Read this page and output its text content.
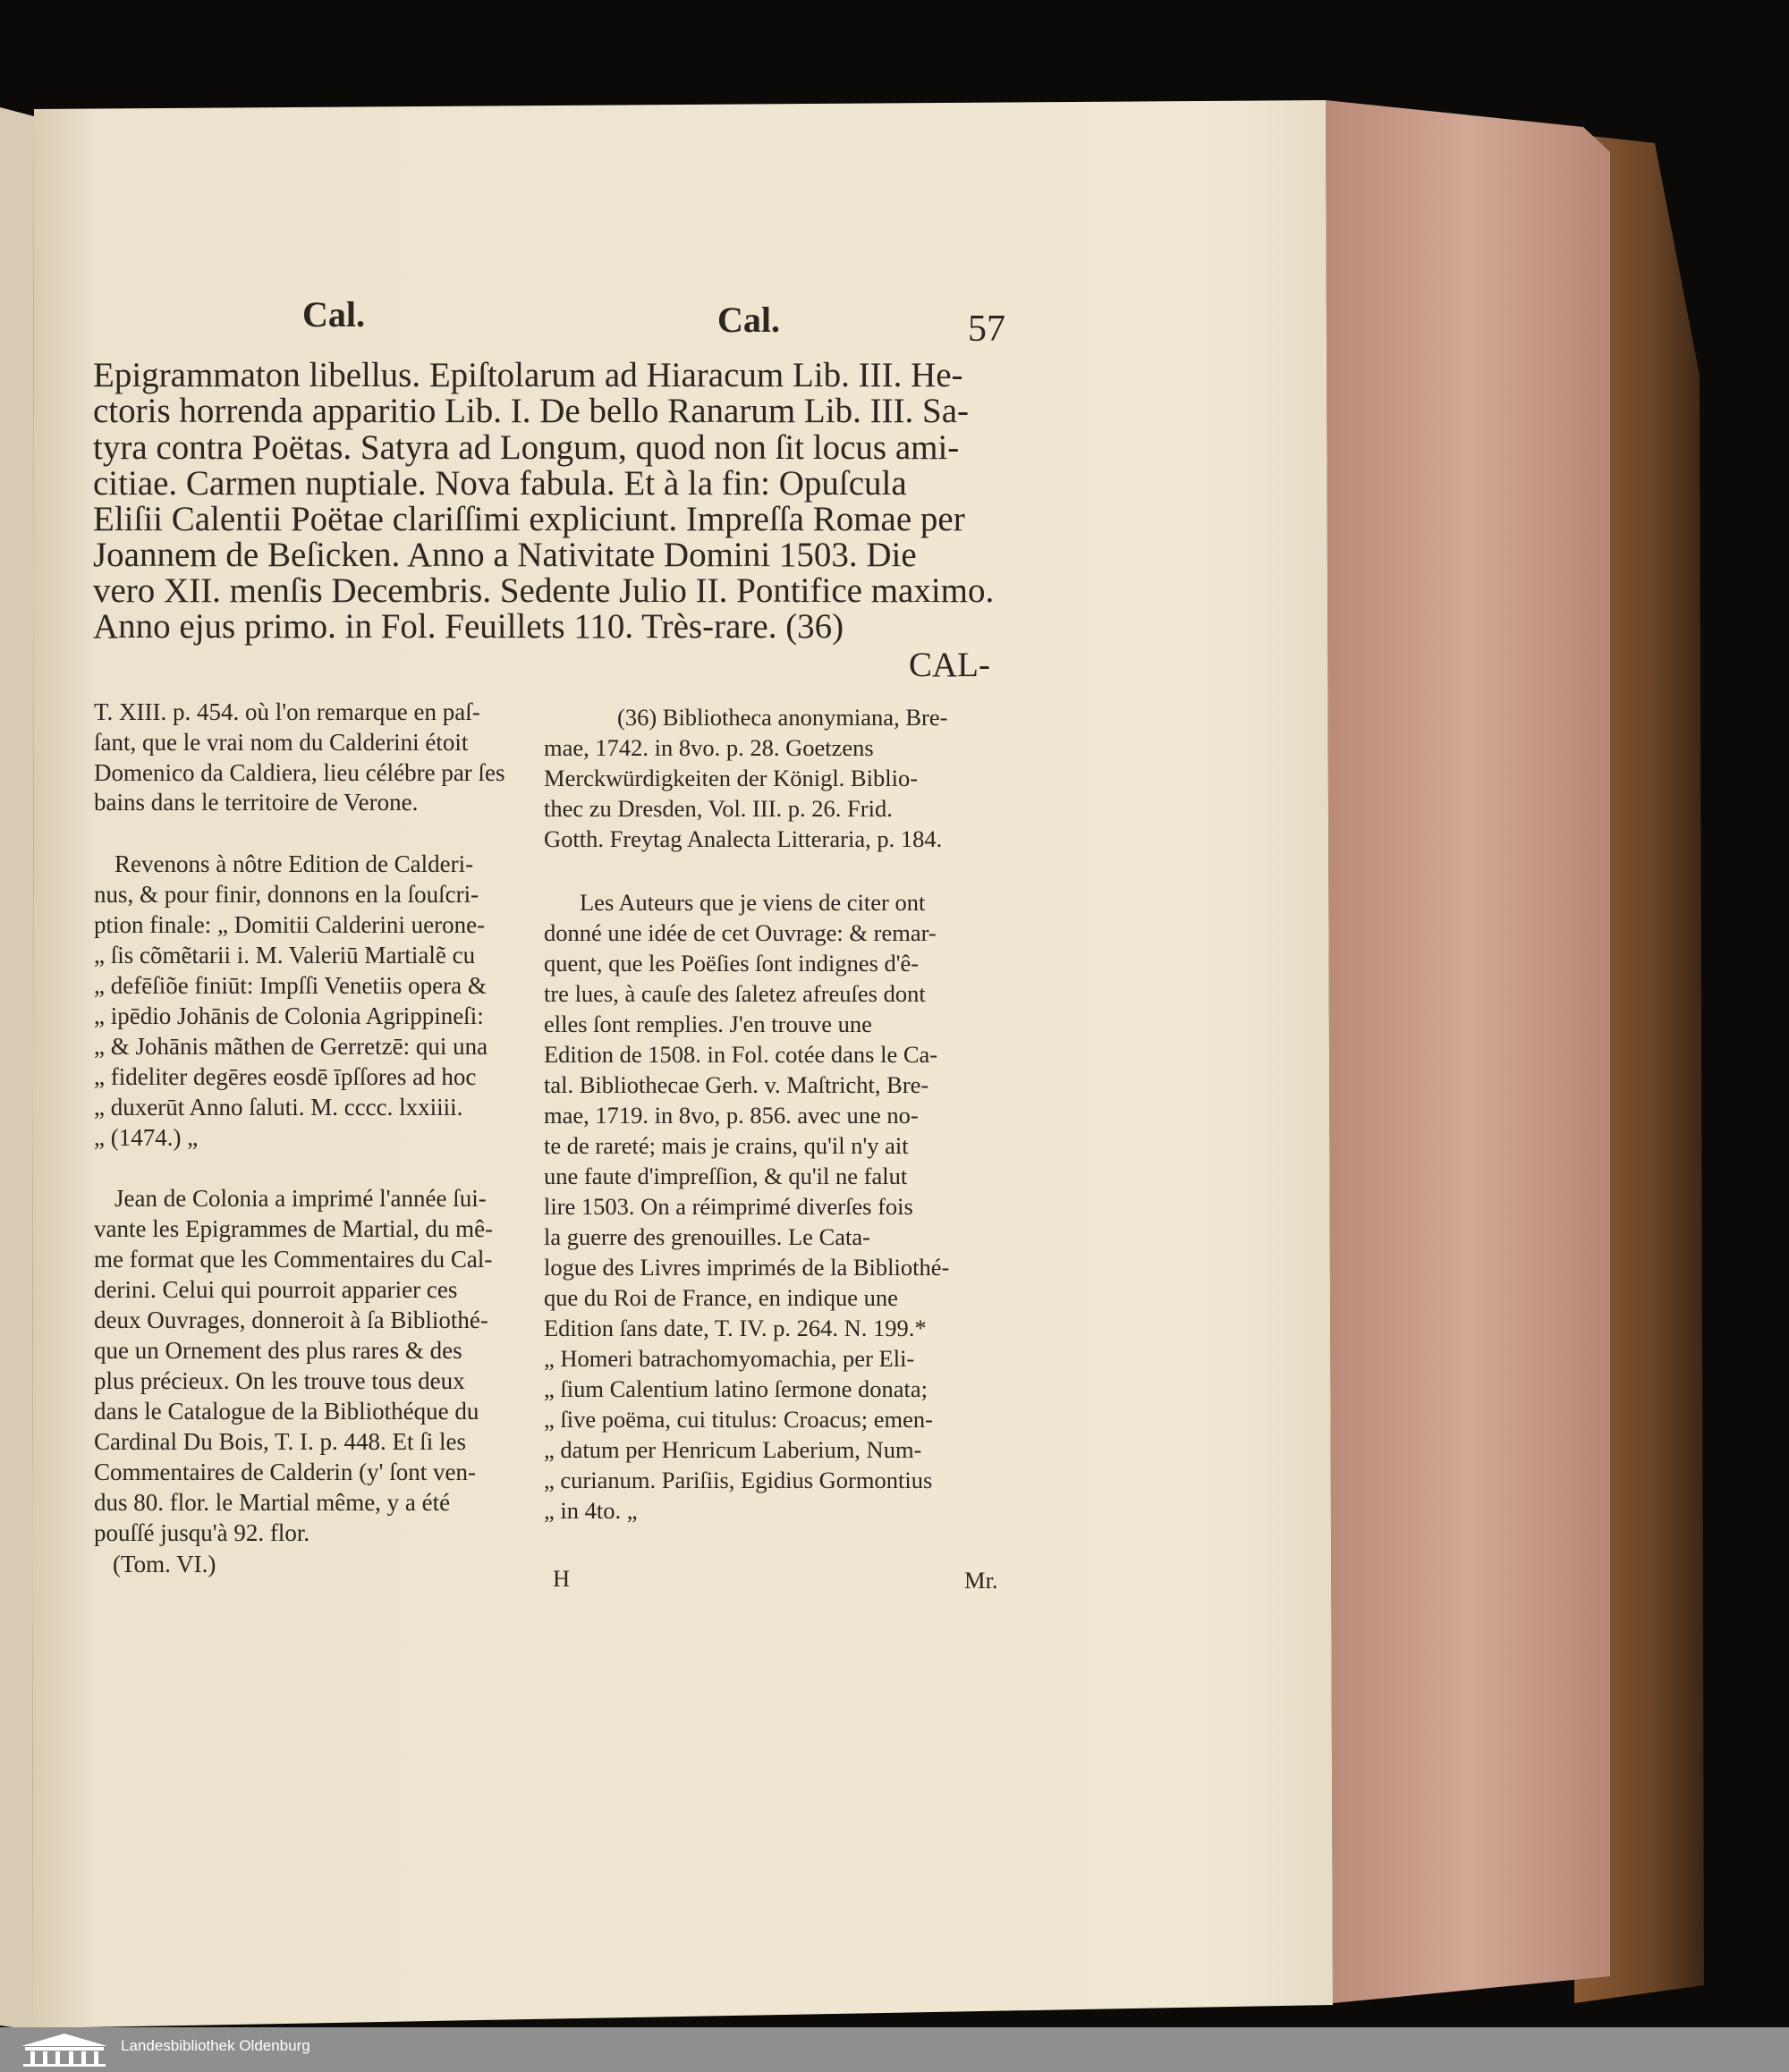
Cal.	Cal.	57
Epigrammaton libellus. Epiſtolarum ad Hiaracum Lib. III. He-
ctoris horrenda apparitio Lib. I. De bello Ranarum Lib. III. Sa-
tyra contra Poëtas. Satyra ad Longum, quod non ſit locus ami-
citiae. Carmen nuptiale. Nova fabula. Et à la fin: Opuſcula
Eliſii Calentii Poëtae clariſſimi expliciunt. Impreſſa Romae per
Joannem de Beſicken. Anno a Nativitate Domini 1503. Die
vero XII. menſis Decembris. Sedente Julio II. Pontifice maximo.
Anno ejus primo. in Fol. Feuillets 110. Très-rare. (36)
CAL-
T. XIII. p. 454. où l'on remarque en paſ-
ſant, que le vrai nom du Calderini étoit
Domenico da Caldiera, lieu célébre par ſes
bains dans le territoire de Verone.
Revenons à nôtre Edition de Calderi-
nus, & pour finir, donnons en la ſouſcri-
ption finale: „ Domitii Calderini uerone-
„ ſis cõmẽtarii i. M. Valeriū Martialẽ cu
„ defēſiõe finiūt: Impſſi Venetiis opera &
„ ipēdio Johānis de Colonia Agrippineſi:
„ & Johānis mãthen de Gerretzē: qui una
„ fideliter degēres eosdē īpſſores ad hoc
„ duxerūt Anno ſaluti. M. cccc. lxxiiii.
„ (1474.) „
Jean de Colonia a imprimé l'année ſui-
vante les Epigrammes de Martial, du mê-
me format que les Commentaires du Cal-
derini. Celui qui pourroit apparier ces
deux Ouvrages, donneroit à ſa Bibliothé-
que un Ornement des plus rares & des
plus précieux. On les trouve tous deux
dans le Catalogue de la Bibliothéque du
Cardinal Du Bois, T. I. p. 448. Et ſi les
Commentaires de Calderin (y' ſont ven-
dus 80. flor. le Martial même, y a été
pouſſé jusqu'à 92. flor.
(Tom. VI.)
(36) Bibliotheca anonymiana, Bre-
mae, 1742. in 8vo. p. 28. Goetzens
Merckwürdigkeiten der Königl. Biblio-
thec zu Dresden, Vol. III. p. 26. Frid.
Gotth. Freytag Analecta Litteraria, p. 184.
Les Auteurs que je viens de citer ont
donné une idée de cet Ouvrage: & remar-
quent, que les Poëſies ſont indignes d'ê-
tre lues, à cauſe des ſaletez afreuſes dont
elles ſont remplies. J'en trouve une
Edition de 1508. in Fol. cotée dans le Ca-
tal. Bibliothecae Gerh. v. Maſtricht, Bre-
mae, 1719. in 8vo, p. 856. avec une no-
te de rareté; mais je crains, qu'il n'y ait
une faute d'impreſſion, & qu'il ne falut
lire 1503. On a réimprimé diverſes fois
la guerre des grenouilles. Le Cata-
logue des Livres imprimés de la Bibliothé-
que du Roi de France, en indique une
Edition ſans date, T. IV. p. 264. N. 199.*
„ Homeri batrachomyomachia, per Eli-
„ ſium Calentium latino ſermone donata;
„ ſive poëma, cui titulus: Croacus; emen-
„ datum per Henricum Laberium, Num-
„ curianum. Pariſiis, Egidius Gormontius
„ in 4to. „
H	Mr.
Landesbibliothek Oldenburg
